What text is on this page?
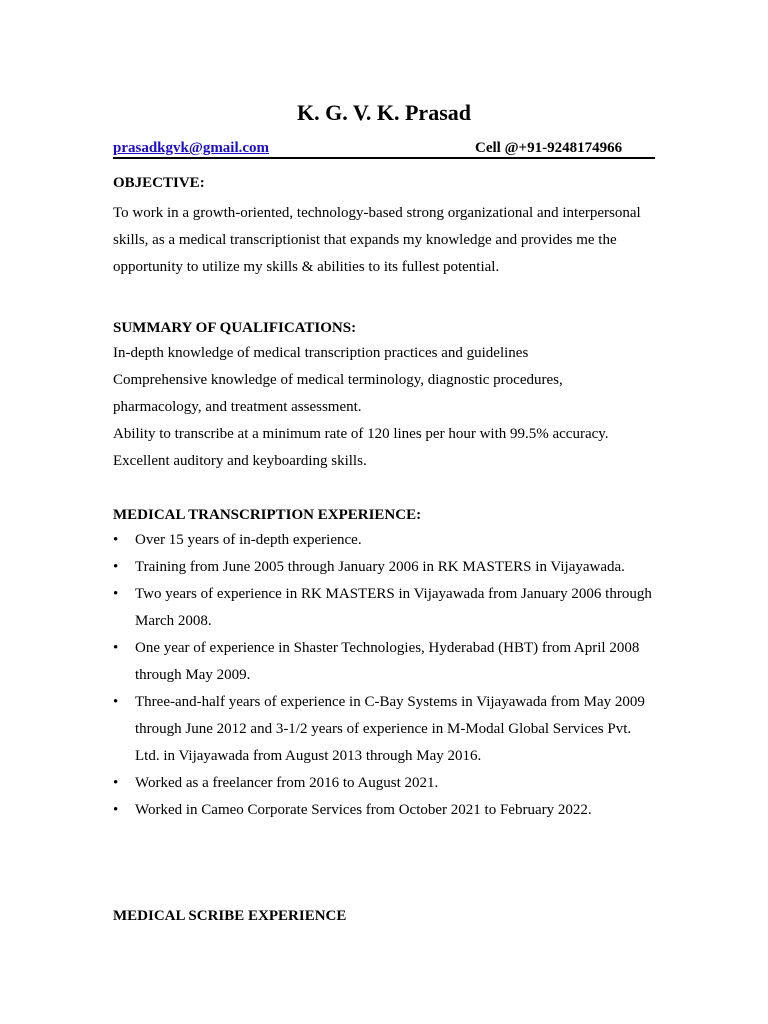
K. G. V. K. Prasad
prasadkgvk@gmail.com	Cell @+91-9248174966
OBJECTIVE:

To work in a growth-oriented, technology-based strong organizational and interpersonal skills, as a medical transcriptionist that expands my knowledge and provides me the opportunity to utilize my skills & abilities to its fullest potential.

SUMMARY OF QUALIFICATIONS:

In-depth knowledge of medical transcription practices and guidelines

Comprehensive knowledge of medical terminology, diagnostic procedures, pharmacology, and treatment assessment.

Ability to transcribe at a minimum rate of 120 lines per hour with 99.5% accuracy.

Excellent auditory and keyboarding skills.

MEDICAL TRANSCRIPTION EXPERIENCE:
• Over 15 years of in-depth experience.
• Training from June 2005 through January 2006 in RK MASTERS in Vijayawada.
• Two years of experience in RK MASTERS in Vijayawada from January 2006 through March 2008.
• One year of experience in Shaster Technologies, Hyderabad (HBT) from April 2008 through May 2009.
• Three-and-half years of experience in C-Bay Systems in Vijayawada from May 2009 through June 2012 and 3-1/2 years of experience in M-Modal Global Services Pvt. Ltd. in Vijayawada from August 2013 through May 2016.
• Worked as a freelancer from 2016 to August 2021.
• Worked in Cameo Corporate Services from October 2021 to February 2022.
MEDICAL SCRIBE EXPERIENCE
